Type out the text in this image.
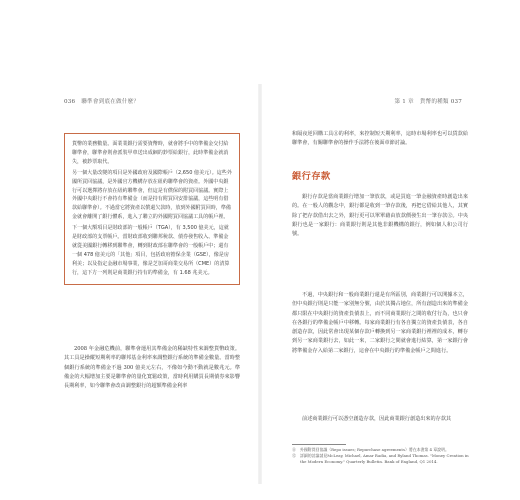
036 聯準會到底在做什麼？	第 1 章 貨幣的種類 037

貨幣的業務數量。面業業銀行需要資幣時，就會將手中的準備金交付給聯準會，聯準會則會派裝甲車送出成綑的鈔票給銀行，此時準備金就消失，被鈔票取代。

另一個大量改變的項目是外國政府及國際帳戶（2,650 億美元）。這些外國所買回協議，是外國官方機構存放在紐約聯準會的資產。外國中央銀行可以選擇將存放在紐約聯準會，但這是有償保的附買回協議。實際上外國中央銀行不會持有準備金（而是持有附買回安排協議，這些明有借款給聯準會）。不過當它將資產以償還欠款時，放到外國附買回時，準備金就會離開了銀行體系，進入了聯立的外國附買回協議工具的帳戶裡。

下一個大額項目是財政部的一般帳戶（TGA），有 3,500 億美元，這就是財政部的支票帳戶。當財政部收到聯邦稅款、債券發售收入、準備金就從美國銀行轉移到聯準會，轉到財政部在聯準會的一般帳戶中；還有一個 478 億美元的「其他」項目，包括政府擔保企業（GSE），像是房利美；以及指定金融市場事業，像是芝加哥商業交易所（CME）的清算行，這下方一列則是商業銀行持有的準備金，有 1.68 兆美元。

2008 年金融危機前，聯準會運用其準備金的稀缺特性來調整貨幣政策。其工具是操縱短期利率的聯邦基金利率來調整銀行系統的準備金數量。當時整個銀行系統的準備金不過 300 億美元左右，不像如今動不動就是數兆元。準備金的大幅增加主要是聯準會的量化寬鬆政策，當時利用購買長期債券來影響長期利率，如今聯準會改由調整銀行的超額準備金利率

和隔夜逆回購工具⑪的利率，來控制短天期利率，這時市場利率也可以貨款給聯準會，有關聯準會的操作手法將在後面章節討論。

銀行存款

銀行存款是當商業銀行增加一筆放款，或是買進一筆金融資產時創造出來的。在一般人的觀念中，銀行都是收到一筆存款後，再把它借給其他人，其實除了把存款借出去之外，銀行更可以單單藉由放款價發生出一筆存款⑫。中央銀行也是一家銀行：商業銀行則是其他非銀機構的銀行，例如個人和公司行號。

不過，中央銀行和一般商業銀行還是有所區別，商業銀行可以開據本立，但中央銀行則是只能一家別無分號，由於其獨占地位，所有創造出來的準備金都只限在中央銀行的資產負債表上，而不同商業銀行之間的收付行為，也只會在各銀行的準備金帳戶中移轉。每家商業銀行有各自獨立的資產負債表，各自創造存款，因此常會出現某個存款戶轉換到另一家商業銀行裡裡的成本，轉存到另一家商業銀行去，如此一來，二家銀行之間就會進行結算，第一家銀行會將準備金存入給第二家銀行，這會在中央銀行的準備金帳戶之間進行。

前述商業銀行可以憑空創造存款，因此商業銀行創造出來的存款其

⑪	外國附買回協議（Repo issues; Repurchase agreements）將在本書第 4 章說明。
⑫	詳細的討論請見McLeay, Michael, Amar Radia, and Ryland Thomas. "Money Creation in the Modern Economy." Quarterly Bulletin. Bank of England, Q1 2014.
